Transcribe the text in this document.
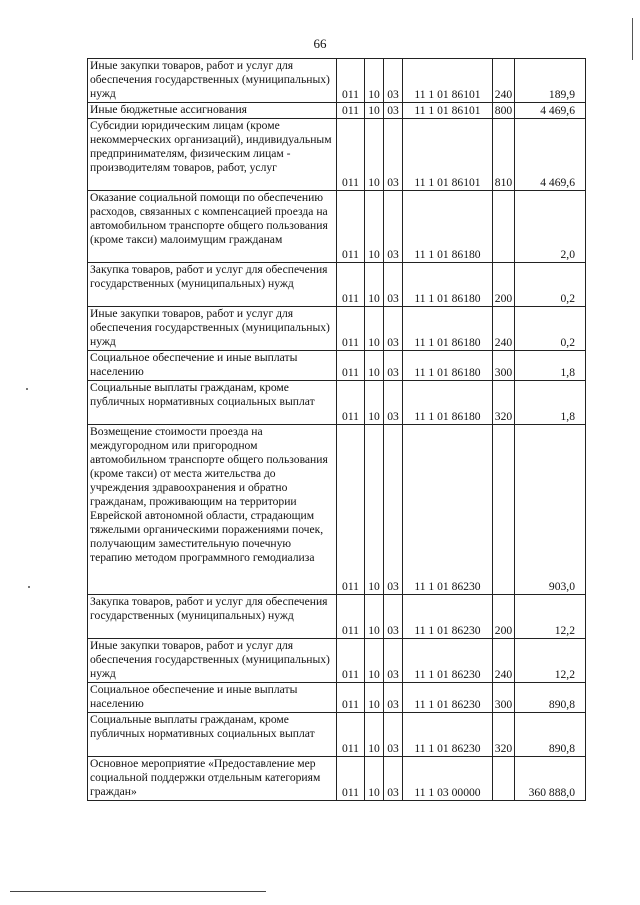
66
Иные закупки товаров, работ и услуг для обеспечения государственных (муниципальных) нужд	011	10	03	11 1 01 86101	240	189,9
Иные бюджетные ассигнования	011	10	03	11 1 01 86101	800	4 469,6
Субсидии юридическим лицам (кроме некоммерческих организаций), индивидуальным предпринимателям, физическим лицам - производителям товаров, работ, услуг	011	10	03	11 1 01 86101	810	4 469,6
Оказание социальной помощи по обеспечению расходов, связанных с компенсацией проезда на автомобильном транспорте общего пользования (кроме такси) малоимущим гражданам	011	10	03	11 1 01 86180		2,0
Закупка товаров, работ и услуг для обеспечения государственных (муниципальных) нужд	011	10	03	11 1 01 86180	200	0,2
Иные закупки товаров, работ и услуг для обеспечения государственных (муниципальных) нужд	011	10	03	11 1 01 86180	240	0,2
Социальное обеспечение и иные выплаты населению	011	10	03	11 1 01 86180	300	1,8
Социальные выплаты гражданам, кроме публичных нормативных социальных выплат	011	10	03	11 1 01 86180	320	1,8
Возмещение стоимости проезда на междугородном или пригородном автомобильном транспорте общего пользования (кроме такси) от места жительства до учреждения здравоохранения и обратно гражданам, проживающим на территории Еврейской автономной области, страдающим тяжелыми органическими поражениями почек, получающим заместительную почечную терапию методом программного гемодиализа	011	10	03	11 1 01 86230		903,0
Закупка товаров, работ и услуг для обеспечения государственных (муниципальных) нужд	011	10	03	11 1 01 86230	200	12,2
Иные закупки товаров, работ и услуг для обеспечения государственных (муниципальных) нужд	011	10	03	11 1 01 86230	240	12,2
Социальное обеспечение и иные выплаты населению	011	10	03	11 1 01 86230	300	890,8
Социальные выплаты гражданам, кроме публичных нормативных социальных выплат	011	10	03	11 1 01 86230	320	890,8
Основное мероприятие «Предоставление мер социальной поддержки отдельным категориям граждан»	011	10	03	11 1 03 00000		360 888,0
